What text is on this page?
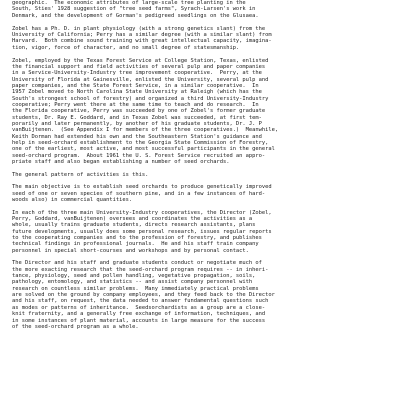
geographic.  The economic attributes of large-scale tree planting in the
South, Sties' 1928 suggestion of "tree seed farms", Syrach-Larsen's work in
Denmark, and the development of Gorman's pedigreed seedlings on the Glusaea.

Zobel has a Ph. D. in plant physiology (with a strong genetics slant) from the
University of California; Perry has a similar degree (with a similar slant) from
Harvard.  Both combine sound training with great intellectual capacity, imagina-
tion, vigor, force of character, and no small degree of statesmanship.

Zobel, employed by the Texas Forest Service at College Station, Texas, enlisted
the financial support and field activities of several pulp and paper companies
in a Service-University-Industry tree improvement cooperative.  Perry, at the
University of Florida at Gainesville, enlisted the University, several pulp and
paper companies, and the State Forest Service, in a similar cooperative.  In
1957 Zobel moved to North Carolina State University at Raleigh (which has the
South's strongest school of forestry) and organized a third University-Industry
cooperative; Perry went there at the same time to teach and do research.  In
the Florida cooperative, Perry was succeeded by one of Zobel's former graduate
students, Dr. Ray E. Goddard, and in Texas Zobel was succeeded, at first tem-
porarily and later permanently, by another of his graduate students, Dr. J. P
vanBuijtenen.  (See Appendix I for members of the three cooperatives.)  Meanwhile,
Keith Dorman had extended his own and the Southeastern Station's guidance and
help in seed-orchard establishment to the Georgia State Commission of Forestry,
one of the earliest, most active, and most successful participants in the general
seed-orchard program.  About 1961 the U. S. Forest Service recruited an appro-
priate staff and also began establishing a number of seed orchards.

The general pattern of activities is this.

The main objective is to establish seed orchards to produce genetically improved
seed of one or seven species of southern pine, and in a few instances of hard-
woods also) in commercial quantities.

In each of the three main University-Industry cooperatives, the Director (Zobel,
Perry, Goddard, vanBuijtenen) oversees and coordinates the activities as a
whole, usually trains graduate students, directs research assistants, plans
future developments, usually does some personal research, issues regular reports
to the cooperating companies and to the profession of forestry, and publishes
technical findings in professional journals.  He and his staff train company
personnel in special short-courses and workshops and by personal contact.

The Director and his staff and graduate students conduct or negotiate much of
the more exacting research that the seed-orchard program requires -- in inheri-
tance, physiology, seed and pollen handling, vegetative propagation, soils,
pathology, entomology, and statistics -- and assist company personnel with
research on countless similar problems.  Many immediately practical problems
are solved on the ground by company employees, and they feed back to the Director
and his staff, on request, the data needed to answer fundamental questions such
as modes or patterns of inheritance.  Seedsorchardists as a group are a close-
knit fraternity, and a generally free exchange of information, techniques, and
in some instances of plant material, accounts in large measure for the success
of the seed-orchard program as a whole.
